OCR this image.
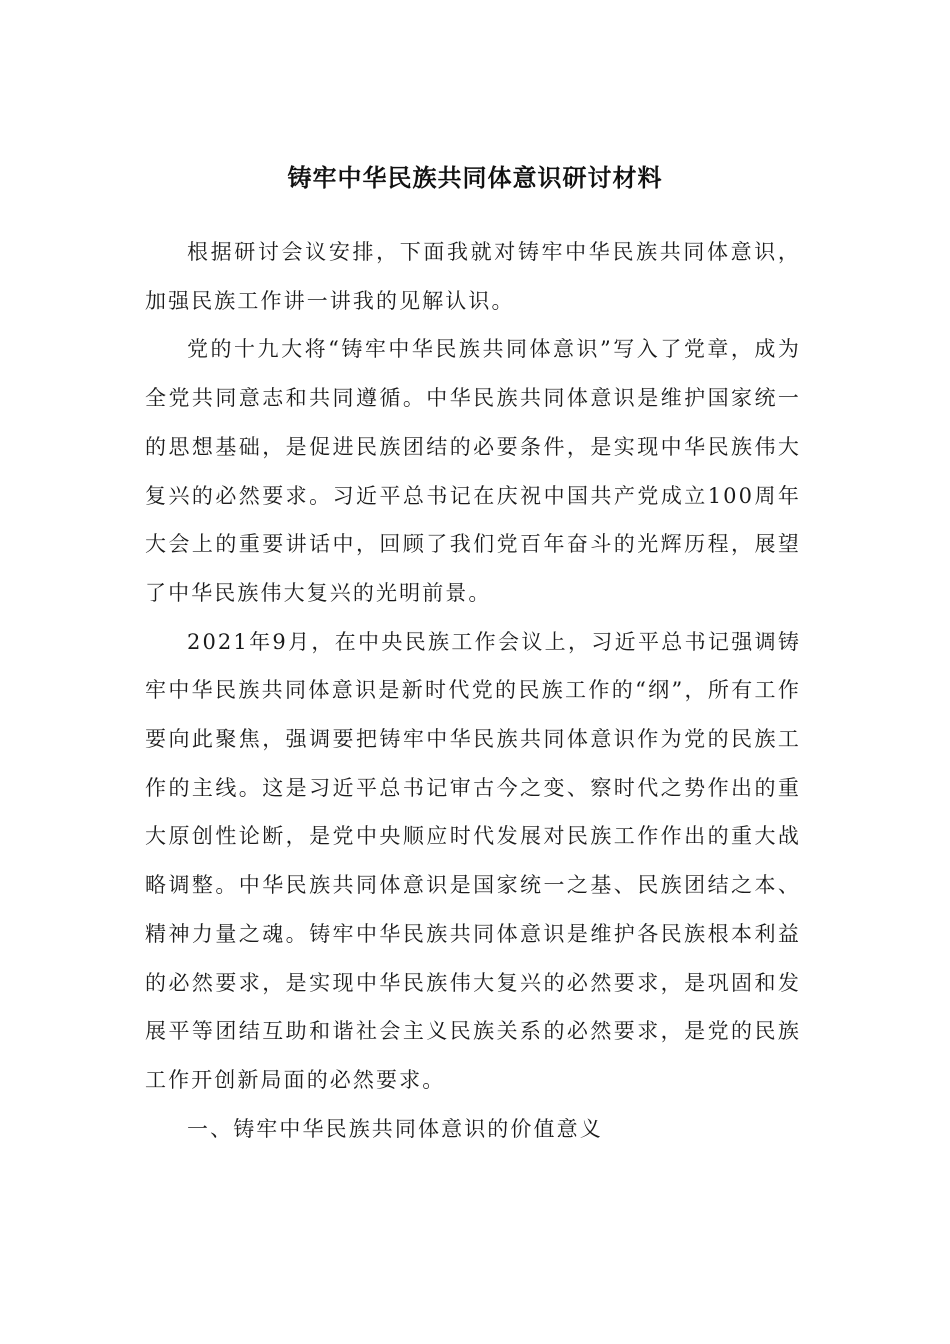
铸牢中华民族共同体意识研讨材料

根据研讨会议安排，下面我就对铸牢中华民族共同体意识，加强民族工作讲一讲我的见解认识。

党的十九大将“铸牢中华民族共同体意识”写入了党章，成为全党共同意志和共同遵循。中华民族共同体意识是维护国家统一的思想基础，是促进民族团结的必要条件，是实现中华民族伟大复兴的必然要求。习近平总书记在庆祝中国共产党成立100周年大会上的重要讲话中，回顾了我们党百年奋斗的光辉历程，展望了中华民族伟大复兴的光明前景。

2021年9月，在中央民族工作会议上，习近平总书记强调铸牢中华民族共同体意识是新时代党的民族工作的“纲”，所有工作要向此聚焦，强调要把铸牢中华民族共同体意识作为党的民族工作的主线。这是习近平总书记审古今之变、察时代之势作出的重大原创性论断，是党中央顺应时代发展对民族工作作出的重大战略调整。中华民族共同体意识是国家统一之基、民族团结之本、精神力量之魂。铸牢中华民族共同体意识是维护各民族根本利益的必然要求，是实现中华民族伟大复兴的必然要求，是巩固和发展平等团结互助和谐社会主义民族关系的必然要求，是党的民族工作开创新局面的必然要求。

一、铸牢中华民族共同体意识的价值意义
